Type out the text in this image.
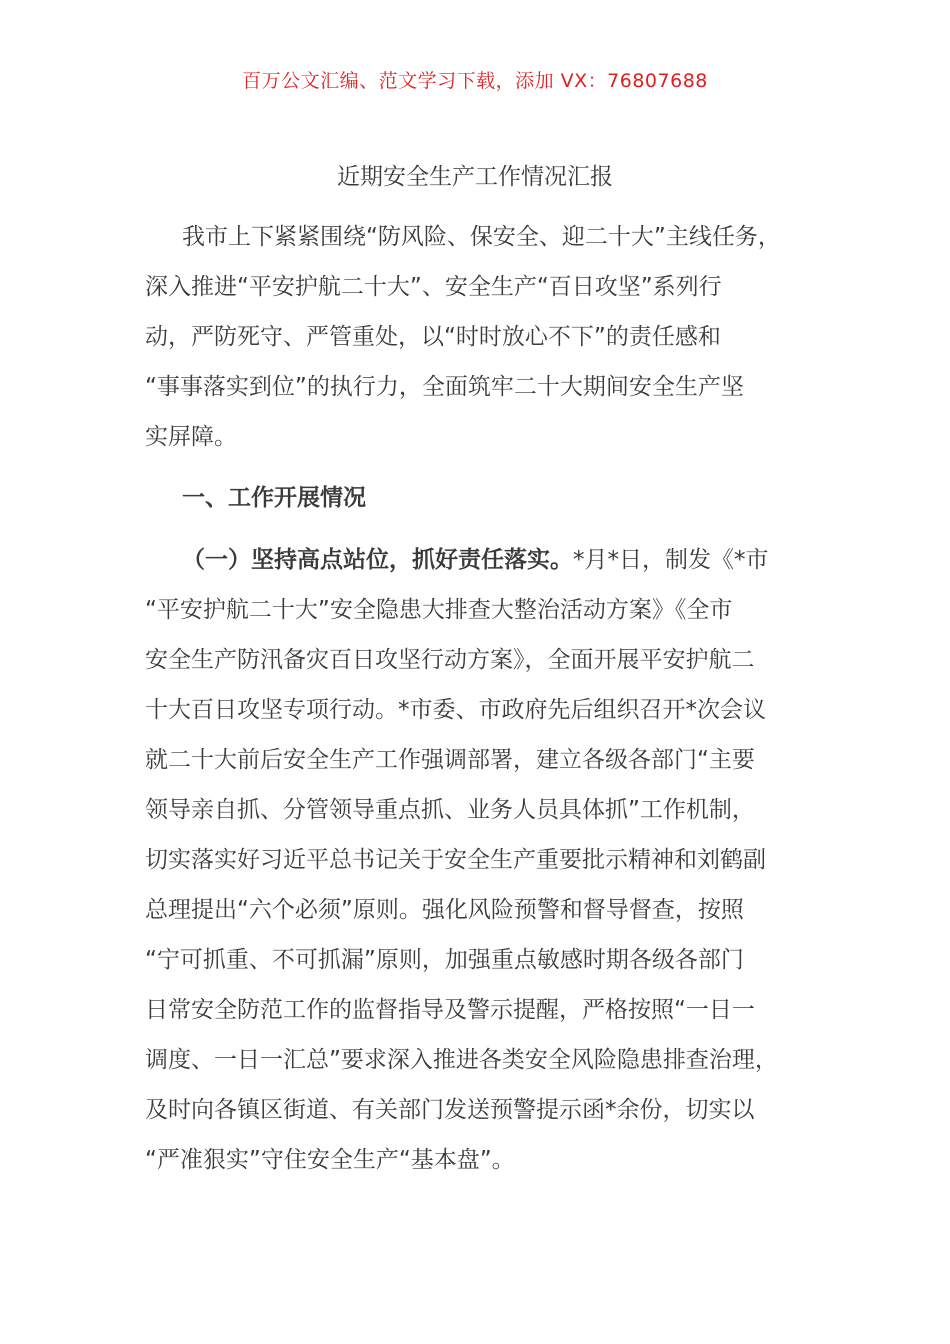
百万公文汇编、范文学习下载，添加 VX：76807688
近期安全生产工作情况汇报
我市上下紧紧围绕“防风险、保安全、迎二十大”主线任务，
深入推进“平安护航二十大”、安全生产“百日攻坚”系列行
动，严防死守、严管重处，以“时时放心不下”的责任感和
“事事落实到位”的执行力，全面筑牢二十大期间安全生产坚
实屏障。
一、工作开展情况
（一）坚持高点站位，抓好责任落实。*月*日，制发《*市
“平安护航二十大”安全隐患大排查大整治活动方案》《全市
安全生产防汛备灾百日攻坚行动方案》，全面开展平安护航二
十大百日攻坚专项行动。*市委、市政府先后组织召开*次会议
就二十大前后安全生产工作强调部署，建立各级各部门“主要
领导亲自抓、分管领导重点抓、业务人员具体抓”工作机制，
切实落实好习近平总书记关于安全生产重要批示精神和刘鹤副
总理提出“六个必须”原则。强化风险预警和督导督查，按照
“宁可抓重、不可抓漏”原则，加强重点敏感时期各级各部门
日常安全防范工作的监督指导及警示提醒，严格按照“一日一
调度、一日一汇总”要求深入推进各类安全风险隐患排查治理，
及时向各镇区街道、有关部门发送预警提示函*余份，切实以
“严准狠实”守住安全生产“基本盘”。
